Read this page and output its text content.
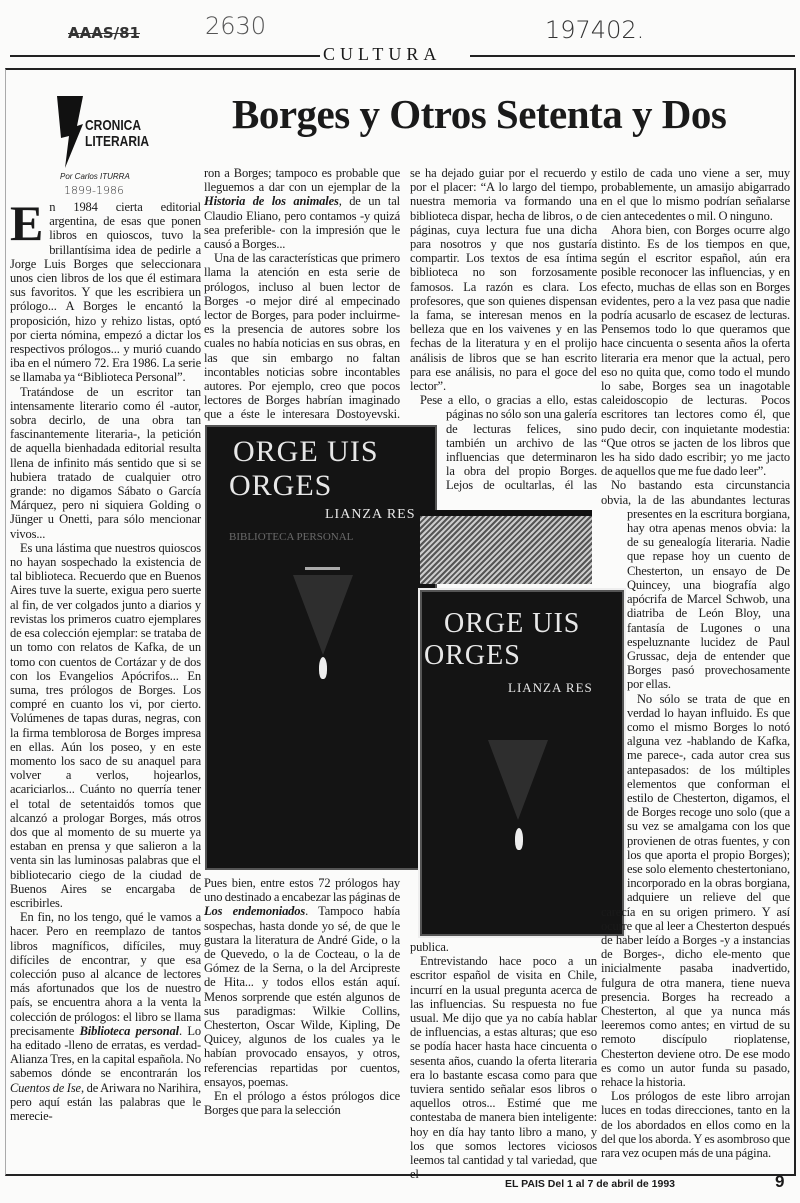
AAAS/81	2630	197402.
CULTURA
CRONICA
LITERARIA
Por Carlos ITURRA
1899-1986
Borges y Otros Setenta y Dos

En 1984 cierta editorial argentina, de esas que ponen libros en quioscos, tuvo la brillantísima idea de pedirle a Jorge Luis Borges que seleccionara unos cien libros de los que él estimara sus favoritos. Y que les escribiera un prólogo... A Borges le encantó la proposición, hizo y rehizo listas, optó por cierta nómina, empezó a dictar los respectivos prólogos... y murió cuando iba en el número 72. Era 1986. La serie se llamaba ya “Biblioteca Personal”.

Tratándose de un escritor tan intensamente literario como él -autor, sobra decirlo, de una obra tan fascinantemente literaria-, la petición de aquella bienhadada editorial resulta llena de infinito más sentido que si se hubiera tratado de cualquier otro grande: no digamos Sábato o García Márquez, pero ni siquiera Golding o Jünger u Onetti, para sólo mencionar vivos...

Es una lástima que nuestros quioscos no hayan sospechado la existencia de tal biblioteca. Recuerdo que en Buenos Aires tuve la suerte, exigua pero suerte al fin, de ver colgados junto a diarios y revistas los primeros cuatro ejemplares de esa colección ejemplar: se trataba de un tomo con relatos de Kafka, de un tomo con cuentos de Cortázar y de dos con los Evangelios Apócrifos... En suma, tres prólogos de Borges. Los compré en cuanto los vi, por cierto. Volúmenes de tapas duras, negras, con la firma temblorosa de Borges impresa en ellas. Aún los poseo, y en este momento los saco de su anaquel para volver a verlos, hojearlos, acariciarlos... Cuánto no querría tener el total de setentaidós tomos que alcanzó a prologar Borges, más otros dos que al momento de su muerte ya estaban en prensa y que salieron a la venta sin las luminosas palabras que el bibliotecario ciego de la ciudad de Buenos Aires se encargaba de escribirles.

En fin, no los tengo, qué le vamos a hacer. Pero en reemplazo de tantos libros magníficos, difíciles, muy difíciles de encontrar, y que esa colección puso al alcance de lectores más afortunados que los de nuestro país, se encuentra ahora a la venta la colección de prólogos: el libro se llama precisamente Biblioteca personal. Lo ha editado -lleno de erratas, es verdad- Alianza Tres, en la capital española. No sabemos dónde se encontrarán los Cuentos de Ise, de Ariwara no Narihira, pero aquí están las palabras que le merecie-

ORGE UIS
ORGES
LIANZA RES
BIBLIOTECA PERSONAL
ORGE UIS
ORGES
LIANZA RES

ron a Borges; tampoco es probable que lleguemos a dar con un ejemplar de la Historia de los animales, de un tal Claudio Eliano, pero contamos -y quizá sea preferible- con la impresión que le causó a Borges...

Una de las características que primero llama la atención en esta serie de prólogos, incluso al buen lector de Borges -o mejor diré al empecinado lector de Borges, para poder incluirme- es la presencia de autores sobre los cuales no había noticias en sus obras, en las que sin embargo no faltan incontables noticias sobre incontables autores. Por ejemplo, creo que pocos lectores de Borges habrían imaginado que a éste le interesara Dostoyevski. Pues bien, entre estos 72 prólogos hay uno destinado a encabezar las páginas de Los endemoniados. Tampoco había sospechas, hasta donde yo sé, de que le gustara la literatura de André Gide, o la de Quevedo, o la de Cocteau, o la de Gómez de la Serna, o la del Arcipreste de Hita... y todos ellos están aquí. Menos sorprende que estén algunos de sus paradigmas: Wilkie Collins, Chesterton, Oscar Wilde, Kipling, De Quicey, algunos de los cuales ya le habían provocado ensayos, y otros, referencias repartidas por cuentos, ensayos, poemas.

En el prólogo a éstos prólogos dice Borges que para la selección

se ha dejado guiar por el recuerdo y por el placer: “A lo largo del tiempo, nuestra memoria va formando una biblioteca dispar, hecha de libros, o de páginas, cuya lectura fue una dicha para nosotros y que nos gustaría compartir. Los textos de esa íntima biblioteca no son forzosamente famosos. La razón es clara. Los profesores, que son quienes dispensan la fama, se interesan menos en la belleza que en los vaivenes y en las fechas de la literatura y en el prolijo análisis de libros que se han escrito para ese análisis, no para el goce del lector”.

Pese a ello, o gracias a ello, estas páginas no sólo son una galería de lecturas felices, sino también un archivo de las influencias que determinaron la obra del propio Borges. Lejos de ocultarlas, él las publica.

Entrevistando hace poco a un escritor español de visita en Chile, incurrí en la usual pregunta acerca de las influencias. Su respuesta no fue usual. Me dijo que ya no cabía hablar de influencias, a estas alturas; que eso se podía hacer hasta hace cincuenta o sesenta años, cuando la oferta literaria era lo bastante escasa como para que tuviera sentido señalar esos libros o aquellos otros... Estimé que me contestaba de manera bien inteligente: hoy en día hay tanto libro a mano, y los que somos lectores viciosos leemos tal cantidad y tal variedad, que el

estilo de cada uno viene a ser, muy probablemente, un amasijo abigarrado en el que lo mismo podrían señalarse cien antecedentes o mil. O ninguno.

Ahora bien, con Borges ocurre algo distinto. Es de los tiempos en que, según el escritor español, aún era posible reconocer las influencias, y en efecto, muchas de ellas son en Borges evidentes, pero a la vez pasa que nadie podría acusarlo de escasez de lecturas. Pensemos todo lo que queramos que hace cincuenta o sesenta años la oferta literaria era menor que la actual, pero eso no quita que, como todo el mundo lo sabe, Borges sea un inagotable caleidoscopio de lecturas. Pocos escritores tan lectores como él, que pudo decir, con inquietante modestia: “Que otros se jacten de los libros que les ha sido dado escribir; yo me jacto de aquellos que me fue dado leer”.

No bastando esta circunstancia obvia, la de las abundantes lecturas presentes en la escritura borgiana, hay otra apenas menos obvia: la de su genealogía literaria. Nadie que repase hoy un cuento de Chesterton, un ensayo de De Quincey, una biografía algo apócrifa de Marcel Schwob, una diatriba de León Bloy, una fantasía de Lugones o una espeluznante lucidez de Paul Grussac, deja de entender que Borges pasó provechosamente por ellas.

No sólo se trata de que en verdad lo hayan influido. Es que como el mismo Borges lo notó alguna vez -hablando de Kafka, me parece-, cada autor crea sus antepasados: de los múltiples elementos que conforman el estilo de Chesterton, digamos, el de Borges recoge uno solo (que a su vez se amalgama con los que provienen de otras fuentes, y con los que aporta el propio Borges); ese solo elemento chestertoniano, incorporado en la obras borgiana, adquiere un relieve del que carecía en su origen primero. Y así ocurre que al leer a Chesterton después de haber leído a Borges -y a instancias de Borges-, dicho ele-mento que inicialmente pasaba inadvertido, fulgura de otra manera, tiene nueva presencia. Borges ha recreado a Chesterton, al que ya nunca más leeremos como antes; en virtud de su remoto discípulo rioplatense, Chesterton deviene otro. De ese modo es como un autor funda su pasado, rehace la historia.

Los prólogos de este libro arrojan luces en todas direcciones, tanto en la de los abordados en ellos como en la del que los aborda. Y es asombroso que rara vez ocupen más de una página.

EL PAIS Del 1 al 7 de abril de 1993	9
